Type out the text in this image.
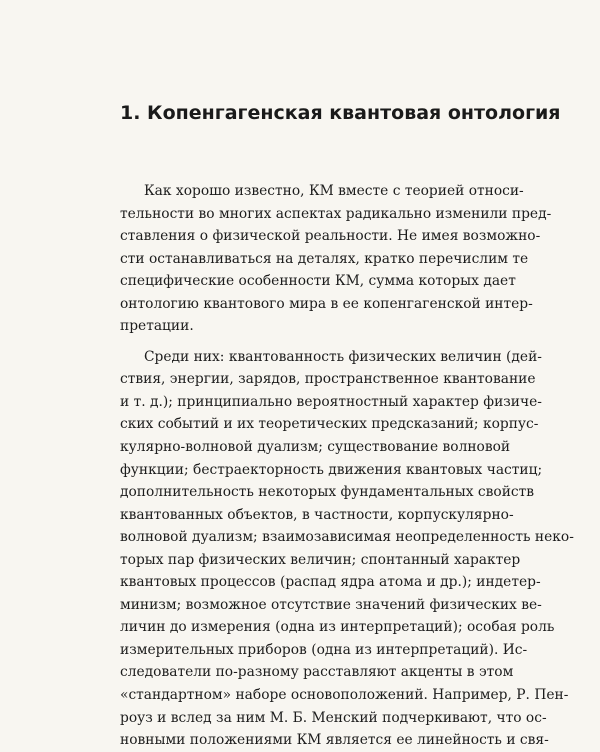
1. Копенгагенская квантовая онтология
Как хорошо известно, КМ вместе с теорией относи-
тельности во многих аспектах радикально изменили пред-
ставления о физической реальности. Не имея возможно-
сти останавливаться на деталях, кратко перечислим те
специфические особенности КМ, сумма которых дает
онтологию квантового мира в ее копенгагенской интер-
претации.
Среди них: квантованность физических величин (дей-
ствия, энергии, зарядов, пространственное квантование
и т. д.); принципиально вероятностный характер физиче-
ских событий и их теоретических предсказаний; корпус-
кулярно-волновой дуализм; существование волновой
функции; бестраекторность движения квантовых частиц;
дополнительность некоторых фундаментальных свойств
квантованных объектов, в частности, корпускулярно-
волновой дуализм; взаимозависимая неопределенность неко-
торых пар физических величин; спонтанный характер
квантовых процессов (распад ядра атома и др.); индетер-
минизм; возможное отсутствие значений физических ве-
личин до измерения (одна из интерпретаций); особая роль
измерительных приборов (одна из интерпретаций). Ис-
следователи по-разному расставляют акценты в этом
«стандартном» наборе основоположений. Например, Р. Пен-
роуз и вслед за ним М. Б. Менский подчеркивают, что ос-
новными положениями КМ является ее линейность и свя-
